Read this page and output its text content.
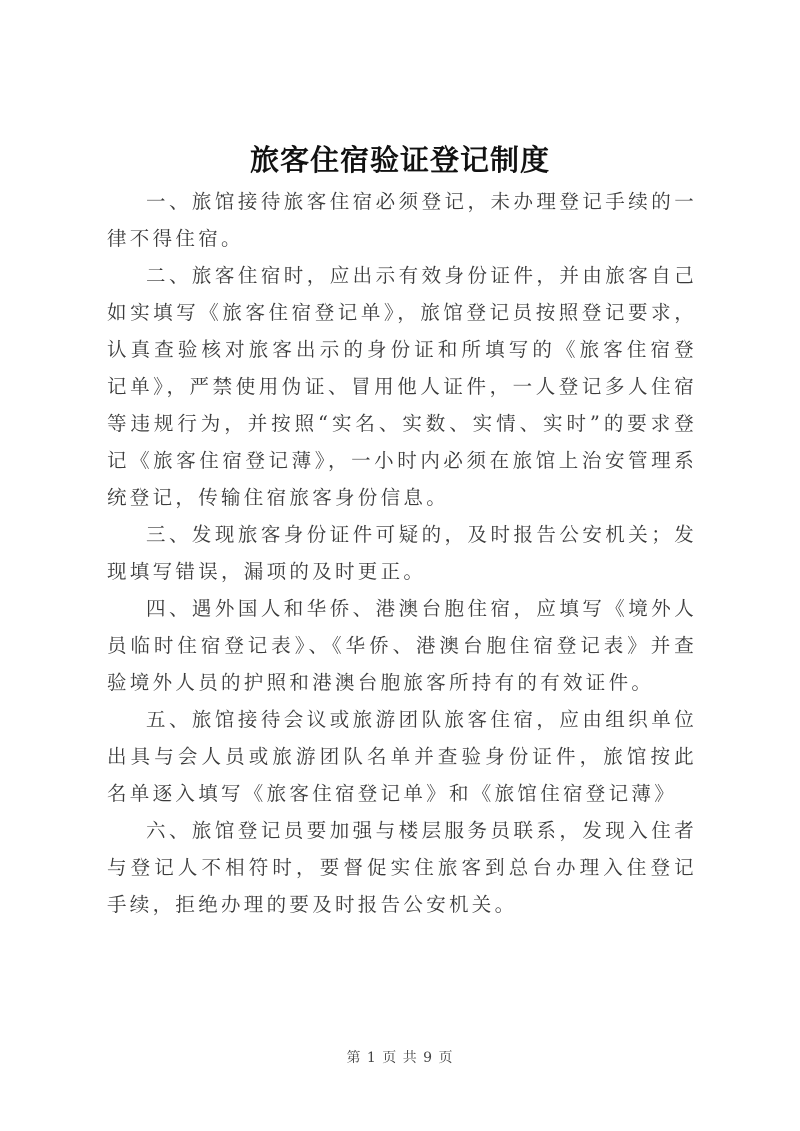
旅客住宿验证登记制度

一、旅馆接待旅客住宿必须登记，未办理登记手续的一律不得住宿。

二、旅客住宿时，应出示有效身份证件，并由旅客自己如实填写《旅客住宿登记单》，旅馆登记员按照登记要求，认真查验核对旅客出示的身份证和所填写的《旅客住宿登记单》，严禁使用伪证、冒用他人证件，一人登记多人住宿等违规行为，并按照“实名、实数、实情、实时”的要求登记《旅客住宿登记薄》，一小时内必须在旅馆上治安管理系统登记，传输住宿旅客身份信息。

三、发现旅客身份证件可疑的，及时报告公安机关；发现填写错误，漏项的及时更正。

四、遇外国人和华侨、港澳台胞住宿，应填写《境外人员临时住宿登记表》、《华侨、港澳台胞住宿登记表》并查验境外人员的护照和港澳台胞旅客所持有的有效证件。

五、旅馆接待会议或旅游团队旅客住宿，应由组织单位出具与会人员或旅游团队名单并查验身份证件，旅馆按此名单逐入填写《旅客住宿登记单》和《旅馆住宿登记薄》

六、旅馆登记员要加强与楼层服务员联系，发现入住者与登记人不相符时，要督促实住旅客到总台办理入住登记手续，拒绝办理的要及时报告公安机关。

第 1 页 共 9 页
